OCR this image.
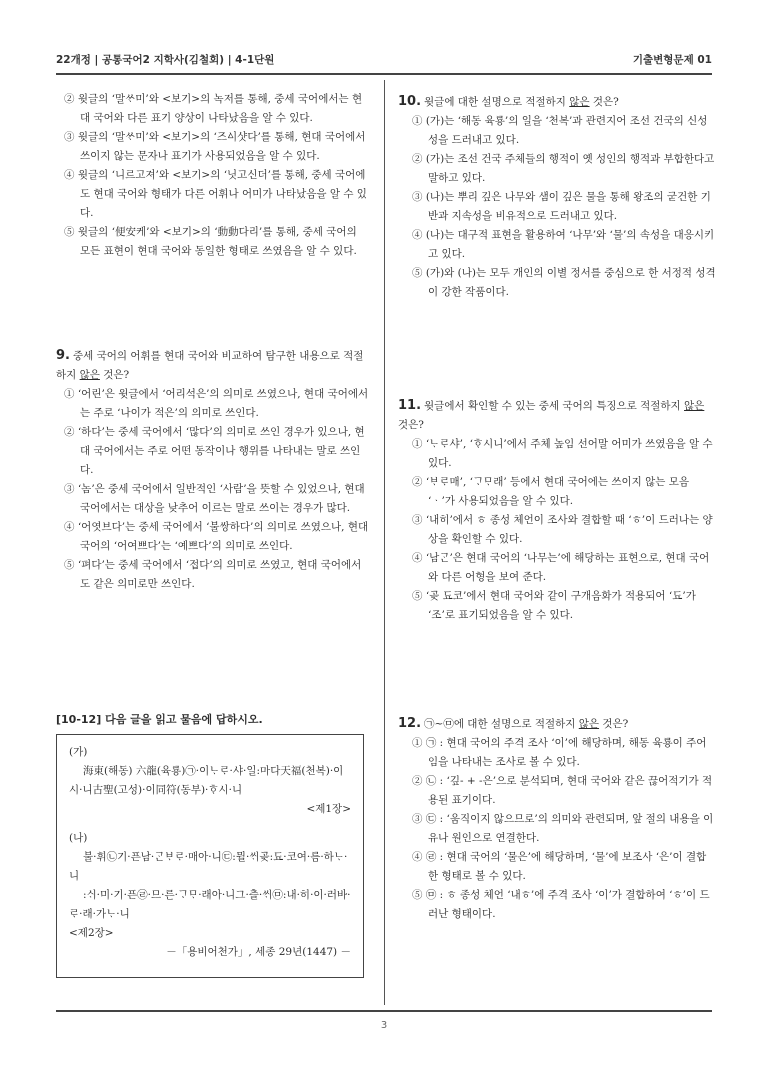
22개정 | 공통국어2 지학사(김철회) | 4-1단원	기출변형문제 01
② 윗글의 ‘말ᄊᆞ미’와 <보기>의 녹저를 통해, 중세 국어에서는 현대 국어와 다른 표기 양상이 나타났음을 알 수 있다.
③ 윗글의 ‘말ᄊᆞ미’와 <보기>의 ‘즈ᅀᅵ샷다’를 통해, 현대 국어에서 쓰이지 않는 문자나 표기가 사용되었음을 알 수 있다.
④ 윗글의 ‘니르고져’와 <보기>의 ‘닛고신더’를 통해, 중세 국어에도 현대 국어와 형태가 다른 어휘나 어미가 나타났음을 알 수 있다.
⑤ 윗글의 ‘便安케’와 <보기>의 ‘動動다리’를 통해, 중세 국어의 모든 표현이 현대 국어와 동일한 형태로 쓰였음을 알 수 있다.
9. 중세 국어의 어휘를 현대 국어와 비교하여 탐구한 내용으로 적절하지 않은 것은?
① ‘어린’은 윗글에서 ‘어리석은’의 의미로 쓰였으나, 현대 국어에서는 주로 ‘나이가 적은’의 의미로 쓰인다.
② ‘하다’는 중세 국어에서 ‘많다’의 의미로 쓰인 경우가 있으나, 현대 국어에서는 주로 어떤 동작이나 행위를 나타내는 말로 쓰인다.
③ ‘놈’은 중세 국어에서 일반적인 ‘사람’을 뜻할 수 있었으나, 현대 국어에서는 대상을 낮추어 이르는 말로 쓰이는 경우가 많다.
④ ‘어엿브다’는 중세 국어에서 ‘불쌍하다’의 의미로 쓰였으나, 현대 국어의 ‘어여쁘다’는 ‘예쁘다’의 의미로 쓰인다.
⑤ ‘펴다’는 중세 국어에서 ‘접다’의 의미로 쓰였고, 현대 국어에서도 같은 의미로만 쓰인다.
[10-12] 다음 글을 읽고 물음에 답하시오.
(가)
海東(해동) 六龍(육룡)㉠·이ᄂᆞᄅᆞ·샤·일:마다天福(천복)·이
시·니古聖(고성)·이同符(동부)·ᄒᆞ시·니
<제1장>
(나)
불·휘㉡기·픈남·ᄀᆞᆫᄇᆞᄅᆞ·매아·니㉢:뮐·ᄊᆡ곶:됴·코여·름·하ᄂᆞ·
니
:ᄉᆡ·미·기·픈㉣·므·른·ᄀᆞᄆᆞ·래아·니그·츨·ᄊᆡ㉤:내·히·이·러바·
ᄅᆞ·래·가ᄂᆞ·니
<제2장>
－「용비어천가」, 세종 29년(1447) －
10. 윗글에 대한 설명으로 적절하지 않은 것은?
① (가)는 ‘해동 육룡’의 일을 ‘천복’과 관련지어 조선 건국의 신성성을 드러내고 있다.
② (가)는 조선 건국 주체들의 행적이 옛 성인의 행적과 부합한다고 말하고 있다.
③ (나)는 뿌리 깊은 나무와 샘이 깊은 물을 통해 왕조의 굳건한 기반과 지속성을 비유적으로 드러내고 있다.
④ (나)는 대구적 표현을 활용하여 ‘나무’와 ‘물’의 속성을 대응시키고 있다.
⑤ (가)와 (나)는 모두 개인의 이별 정서를 중심으로 한 서정적 성격이 강한 작품이다.
11. 윗글에서 확인할 수 있는 중세 국어의 특징으로 적절하지 않은 것은?
① ‘ᄂᆞᄅᆞ샤’, ‘ᄒᆞ시니’에서 주체 높임 선어말 어미가 쓰였음을 알 수 있다.
② ‘ᄇᆞᄅᆞ매’, ‘ᄀᆞᄆᆞ래’ 등에서 현대 국어에는 쓰이지 않는 모음 ‘ᆞ’가 사용되었음을 알 수 있다.
③ ‘내히’에서 ㅎ 종성 체언이 조사와 결합할 때 ‘ㅎ’이 드러나는 양상을 확인할 수 있다.
④ ‘남ᄀᆞᆫ’은 현대 국어의 ‘나무는’에 해당하는 표현으로, 현대 국어와 다른 어형을 보여 준다.
⑤ ‘곶 됴코’에서 현대 국어와 같이 구개음화가 적용되어 ‘됴’가 ‘조’로 표기되었음을 알 수 있다.
12. ㉠~㉤에 대한 설명으로 적절하지 않은 것은?
① ㉠ : 현대 국어의 주격 조사 ‘이’에 해당하며, 해동 육룡이 주어임을 나타내는 조사로 볼 수 있다.
② ㉡ : ‘깊- + -은’으로 분석되며, 현대 국어와 같은 끊어적기가 적용된 표기이다.
③ ㉢ : ‘움직이지 않으므로’의 의미와 관련되며, 앞 절의 내용을 이유나 원인으로 연결한다.
④ ㉣ : 현대 국어의 ‘물은’에 해당하며, ‘물’에 보조사 ‘은’이 결합한 형태로 볼 수 있다.
⑤ ㉤ : ㅎ 종성 체언 ‘내ㅎ’에 주격 조사 ‘이’가 결합하여 ‘ㅎ’이 드러난 형태이다.
3
